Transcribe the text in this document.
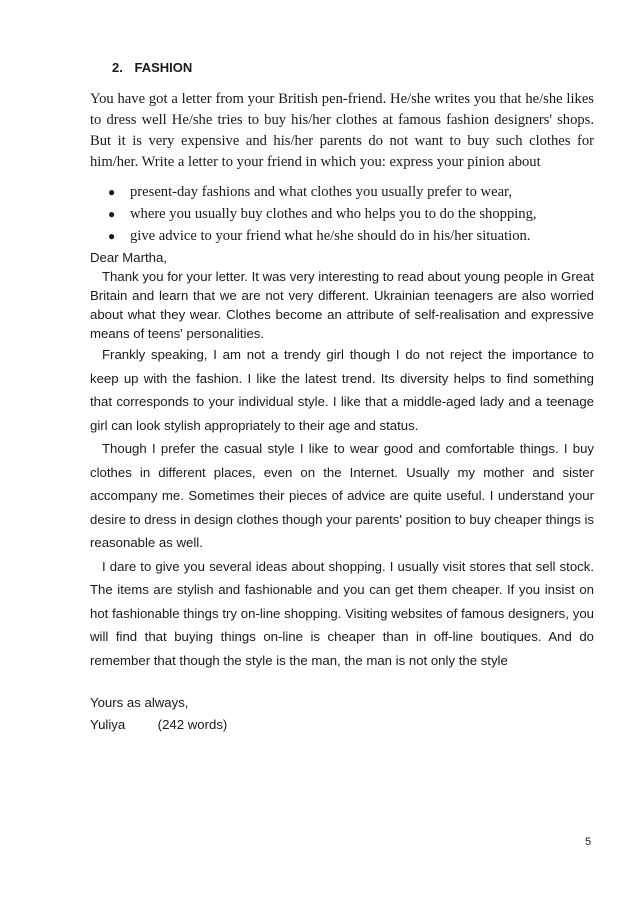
2. FASHION

You have got a letter from your British pen-friend. He/she writes you that he/she likes to dress well He/she tries to buy his/her clothes at famous fashion designers' shops. But it is very expensive and his/her parents do not want to buy such clothes for him/her. Write a letter to your friend in which you: express your pinion about

● present-day fashions and what clothes you usually prefer to wear,
● where you usually buy clothes and who helps you to do the shopping,
● give advice to your friend what he/she should do in his/her situation.
Dear Martha,

Thank you for your letter. It was very interesting to read about young people in Great Britain and learn that we are not very different. Ukrainian teenagers are also worried about what they wear. Clothes become an attribute of self-realisation and expressive means of teens' personalities.

Frankly speaking, I am not a trendy girl though I do not reject the importance to keep up with the fashion. I like the latest trend. Its diversity helps to find something that corresponds to your individual style. I like that a middle-aged lady and a teenage girl can look stylish appropriately to their age and status.

Though I prefer the casual style I like to wear good and comfortable things. I buy clothes in different places, even on the Internet. Usually my mother and sister accompany me. Sometimes their pieces of advice are quite useful. I understand your desire to dress in design clothes though your parents' position to buy cheaper things is reasonable as well.

I dare to give you several ideas about shopping. I usually visit stores that sell stock. The items are stylish and fashionable and you can get them cheaper. If you insist on hot fashionable things try on-line shopping. Visiting websites of famous designers, you will find that buying things on-line is cheaper than in off-line boutiques. And do remember that though the style is the man, the man is not only the style

Yours as always,
Yuliya (242 words)
5
